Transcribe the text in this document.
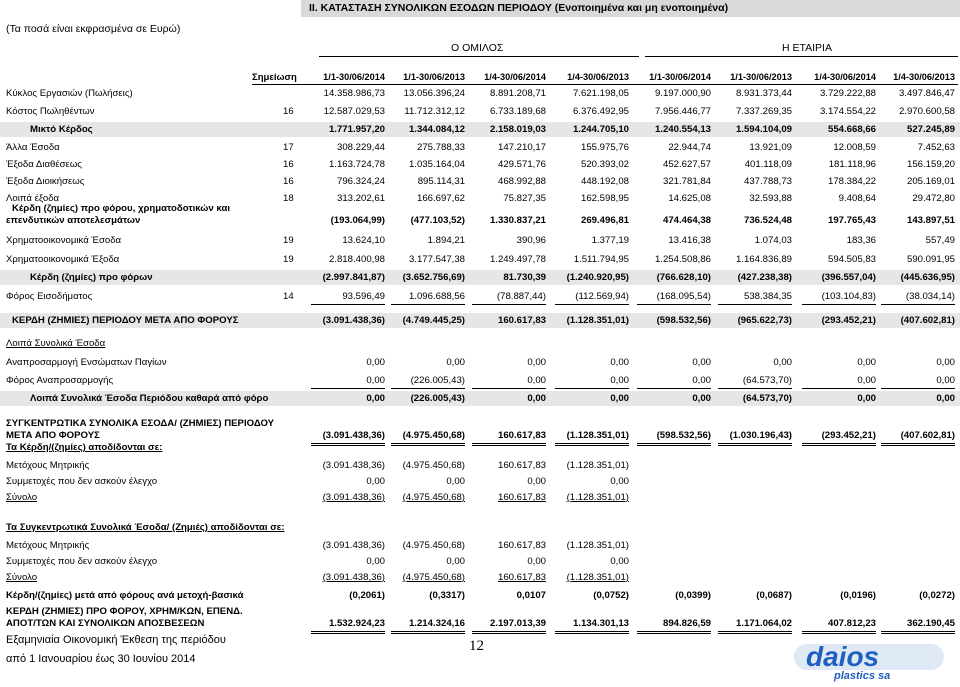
II. ΚΑΤΑΣΤΑΣΗ ΣΥΝΟΛΙΚΩΝ ΕΣΟΔΩΝ ΠΕΡΙΟΔΟΥ (Ενοποιημένα και μη ενοποιημένα)
(Τα ποσά είναι εκφρασμένα σε Ευρώ)
Ο ΟΜΙΛΟΣ	Η ΕΤΑΙΡΙΑ
Σημείωση	1/1-30/06/2014	1/1-30/06/2013	1/4-30/06/2014	1/4-30/06/2013	1/1-30/06/2014	1/1-30/06/2013	1/4-30/06/2014	1/4-30/06/2013
Κύκλος Εργασιών (Πωλήσεις)	14.358.986,73	13.056.396,24	8.891.208,71	7.621.198,05	9.197.000,90	8.931.373,44	3.729.222,88	3.497.846,47
Κόστος Πωληθέντων	16	12.587.029,53	11.712.312,12	6.733.189,68	6.376.492,95	7.956.446,77	7.337.269,35	3.174.554,22	2.970.600,58
Μικτό Κέρδος	1.771.957,20	1.344.084,12	2.158.019,03	1.244.705,10	1.240.554,13	1.594.104,09	554.668,66	527.245,89
Άλλα Έσοδα	17	308.229,44	275.788,33	147.210,17	155.975,76	22.944,74	13.921,09	12.008,59	7.452,63
Έξοδα Διαθέσεως	16	1.163.724,78	1.035.164,04	429.571,76	520.393,02	452.627,57	401.118,09	181.118,96	156.159,20
Έξοδα Διοικήσεως	16	796.324,24	895.114,31	468.992,88	448.192,08	321.781,84	437.788,73	178.384,22	205.169,01
Λοιπά έξοδα	18	313.202,61	166.697,62	75.827,35	162.598,95	14.625,08	32.593,88	9.408,64	29.472,80
Κέρδη (ζημίες) προ φόρου, χρηματοδοτικών και
επενδυτικών αποτελεσμάτων	(193.064,99)	(477.103,52)	1.330.837,21	269.496,81	474.464,38	736.524,48	197.765,43	143.897,51
Χρηματοοικονομικά Έσοδα	19	13.624,10	1.894,21	390,96	1.377,19	13.416,38	1.074,03	183,36	557,49
Χρηματοοικονομικά Έξοδα	19	2.818.400,98	3.177.547,38	1.249.497,78	1.511.794,95	1.254.508,86	1.164.836,89	594.505,83	590.091,95
Κέρδη (ζημίες) προ φόρων	(2.997.841,87)	(3.652.756,69)	81.730,39	(1.240.920,95)	(766.628,10)	(427.238,38)	(396.557,04)	(445.636,95)
Φόρος Εισοδήματος	14	93.596,49	1.096.688,56	(78.887,44)	(112.569,94)	(168.095,54)	538.384,35	(103.104,83)	(38.034,14)
ΚΕΡΔΗ (ΖΗΜΙΕΣ) ΠΕΡΙΟΔΟΥ ΜΕΤΑ ΑΠΟ ΦΟΡΟΥΣ	(3.091.438,36)	(4.749.445,25)	160.617,83	(1.128.351,01)	(598.532,56)	(965.622,73)	(293.452,21)	(407.602,81)
Λοιπά Συνολικά Έσοδα
Αναπροσαρμογή Ενσώματων Παγίων	0,00	0,00	0,00	0,00	0,00	0,00	0,00	0,00
Φόρος Αναπροσαρμογής	0,00	(226.005,43)	0,00	0,00	0,00	(64.573,70)	0,00	0,00
Λοιπά Συνολικά Έσοδα Περιόδου καθαρά από φόρο	0,00	(226.005,43)	0,00	0,00	0,00	(64.573,70)	0,00	0,00
ΣΥΓΚΕΝΤΡΩΤΙΚΑ ΣΥΝΟΛΙΚΑ ΕΣΟΔΑ/ (ΖΗΜΙΕΣ) ΠΕΡΙΟΔΟΥ
ΜΕΤΑ ΑΠΟ ΦΟΡΟΥΣ	(3.091.438,36)	(4.975.450,68)	160.617,83	(1.128.351,01)	(598.532,56)	(1.030.196,43)	(293.452,21)	(407.602,81)
Τα Κέρδη/(ζημίες) αποδίδονται σε:
Μετόχους Μητρικής	(3.091.438,36)	(4.975.450,68)	160.617,83	(1.128.351,01)
Συμμετοχές που δεν ασκούν έλεγχο	0,00	0,00	0,00	0,00
Σύνολο	(3.091.438,36)	(4.975.450,68)	160.617,83	(1.128.351,01)
Τα Συγκεντρωτικά Συνολικά Έσοδα/ (Ζημιές) αποδίδονται σε:
Μετόχους Μητρικής	(3.091.438,36)	(4.975.450,68)	160.617,83	(1.128.351,01)
Συμμετοχές που δεν ασκούν έλεγχο	0,00	0,00	0,00	0,00
Σύνολο	(3.091.438,36)	(4.975.450,68)	160.617,83	(1.128.351,01)
Κέρδη/(ζημίες) μετά από φόρους ανά μετοχή-βασικά	(0,2061)	(0,3317)	0,0107	(0,0752)	(0,0399)	(0,0687)	(0,0196)	(0,0272)
ΚΕΡΔΗ (ΖΗΜΙΕΣ) ΠΡΟ ΦΟΡΟΥ, ΧΡΗΜ/ΚΩΝ, ΕΠΕΝΔ.
ΑΠΟΤ/ΤΩΝ ΚΑΙ ΣΥΝΟΛΙΚΩΝ ΑΠΟΣΒΕΣΕΩΝ	1.532.924,23	1.214.324,16	2.197.013,39	1.134.301,13	894.826,59	1.171.064,02	407.812,23	362.190,45
Εξαμηνιαία Οικονομική Έκθεση της περιόδου
από 1 Ιανουαρίου έως 30 Ιουνίου 2014
12	daios
plastics sa
